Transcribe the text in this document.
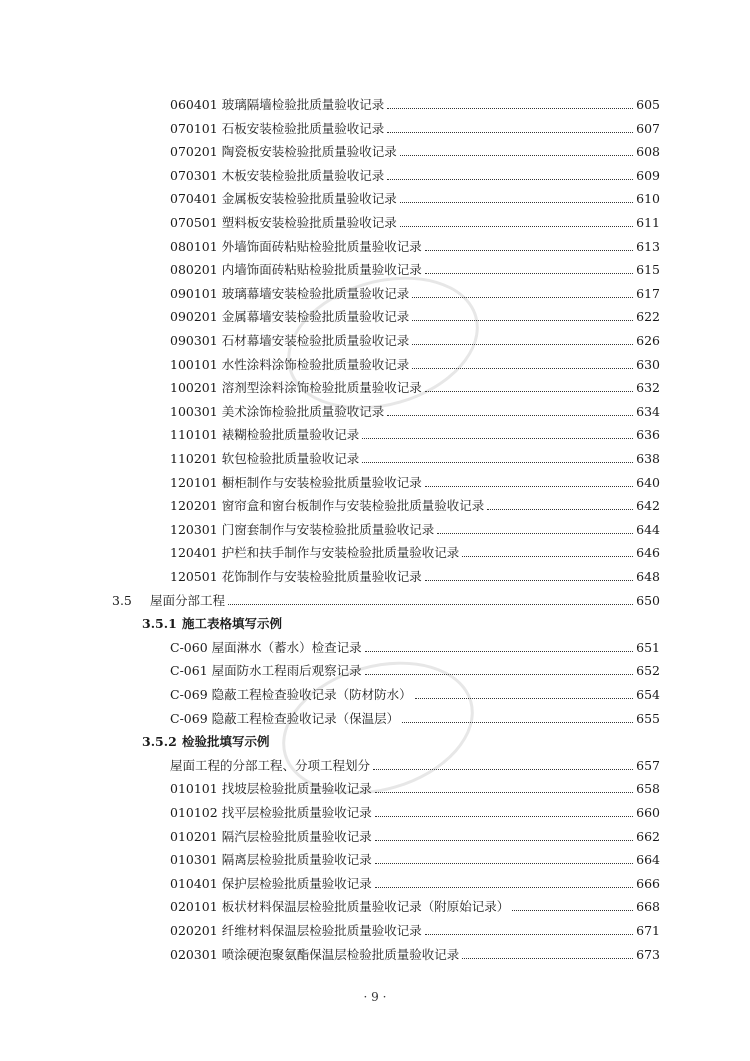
060401 玻璃隔墙检验批质量验收记录	605
070101 石板安装检验批质量验收记录	607
070201 陶瓷板安装检验批质量验收记录	608
070301 木板安装检验批质量验收记录	609
070401 金属板安装检验批质量验收记录	610
070501 塑料板安装检验批质量验收记录	611
080101 外墙饰面砖粘贴检验批质量验收记录	613
080201 内墙饰面砖粘贴检验批质量验收记录	615
090101 玻璃幕墙安装检验批质量验收记录	617
090201 金属幕墙安装检验批质量验收记录	622
090301 石材幕墙安装检验批质量验收记录	626
100101 水性涂料涂饰检验批质量验收记录	630
100201 溶剂型涂料涂饰检验批质量验收记录	632
100301 美术涂饰检验批质量验收记录	634
110101 裱糊检验批质量验收记录	636
110201 软包检验批质量验收记录	638
120101 橱柜制作与安装检验批质量验收记录	640
120201 窗帘盒和窗台板制作与安装检验批质量验收记录	642
120301 门窗套制作与安装检验批质量验收记录	644
120401 护栏和扶手制作与安装检验批质量验收记录	646
120501 花饰制作与安装检验批质量验收记录	648
3.5 屋面分部工程	650
3.5.1 施工表格填写示例
C-060 屋面淋水（蓄水）检查记录	651
C-061 屋面防水工程雨后观察记录	652
C-069 隐蔽工程检查验收记录（防材防水）	654
C-069 隐蔽工程检查验收记录（保温层）	655
3.5.2 检验批填写示例
屋面工程的分部工程、分项工程划分	657
010101 找坡层检验批质量验收记录	658
010102 找平层检验批质量验收记录	660
010201 隔汽层检验批质量验收记录	662
010301 隔离层检验批质量验收记录	664
010401 保护层检验批质量验收记录	666
020101 板状材料保温层检验批质量验收记录（附原始记录）	668
020201 纤维材料保温层检验批质量验收记录	671
020301 喷涂硬泡聚氨酯保温层检验批质量验收记录	673
· 9 ·
